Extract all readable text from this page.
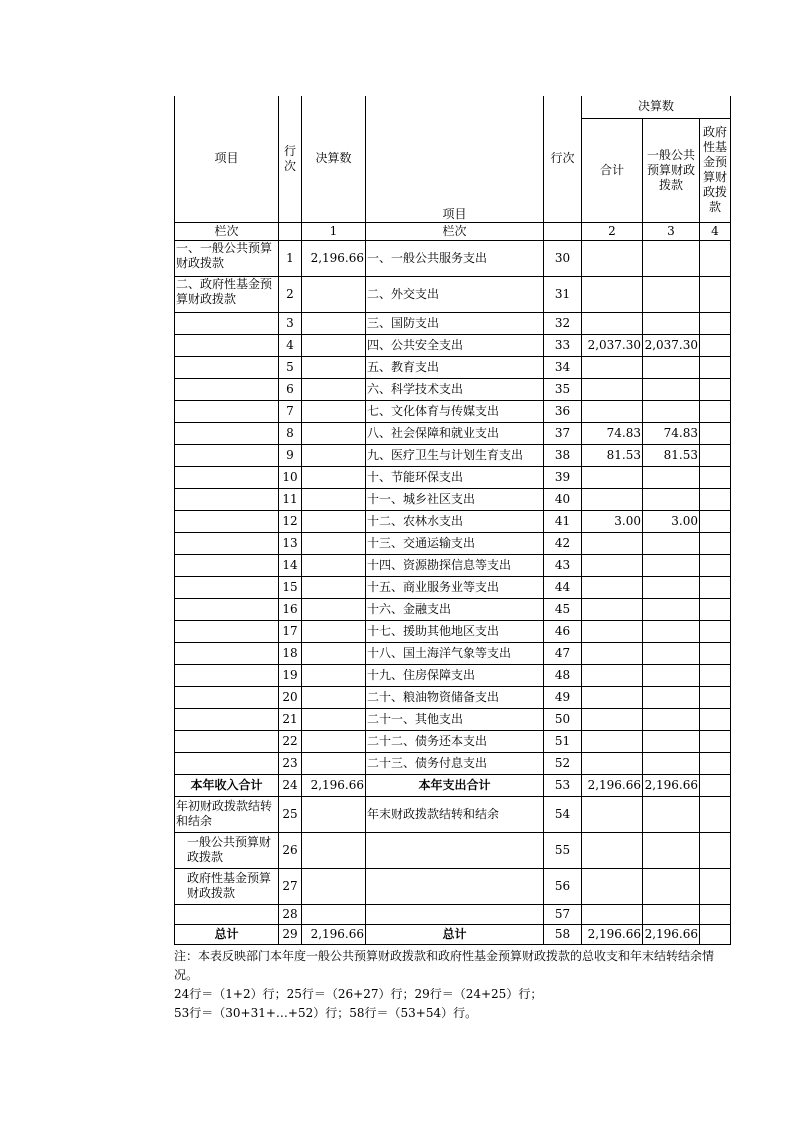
项目	行次	决算数	项目	行次	决算数		
					合计	一般公共预算财政拨款	政府性基金预算财政拨款
栏次		1	栏次		2	3	4
一、一般公共预算财政拨款	1	2,196.66	一、一般公共服务支出	30			
二、政府性基金预算财政拨款	2		二、外交支出	31			
	3		三、国防支出	32			
	4		四、公共安全支出	33	2,037.30	2,037.30	
	5		五、教育支出	34			
	6		六、科学技术支出	35			
	7		七、文化体育与传媒支出	36			
	8		八、社会保障和就业支出	37	74.83	74.83	
	9		九、医疗卫生与计划生育支出	38	81.53	81.53	
	10		十、节能环保支出	39			
	11		十一、城乡社区支出	40			
	12		十二、农林水支出	41	3.00	3.00	
	13		十三、交通运输支出	42			
	14		十四、资源勘探信息等支出	43			
	15		十五、商业服务业等支出	44			
	16		十六、金融支出	45			
	17		十七、援助其他地区支出	46			
	18		十八、国土海洋气象等支出	47			
	19		十九、住房保障支出	48			
	20		二十、粮油物资储备支出	49			
	21		二十一、其他支出	50			
	22		二十二、债务还本支出	51			
	23		二十三、债务付息支出	52			
本年收入合计	24	2,196.66	本年支出合计	53	2,196.66	2,196.66	
年初财政拨款结转和结余	25		年末财政拨款结转和结余	54			
一般公共预算财政拨款	26			55			
政府性基金预算财政拨款	27			56			
	28			57			
总计	29	2,196.66	总计	58	2,196.66	2,196.66	
注：本表反映部门本年度一般公共预算财政拨款和政府性基金预算财政拨款的总收支和年末结转结余情况。
24行＝（1+2）行；25行＝（26+27）行；29行＝（24+25）行；
53行＝（30+31+…+52）行；58行＝（53+54）行。
